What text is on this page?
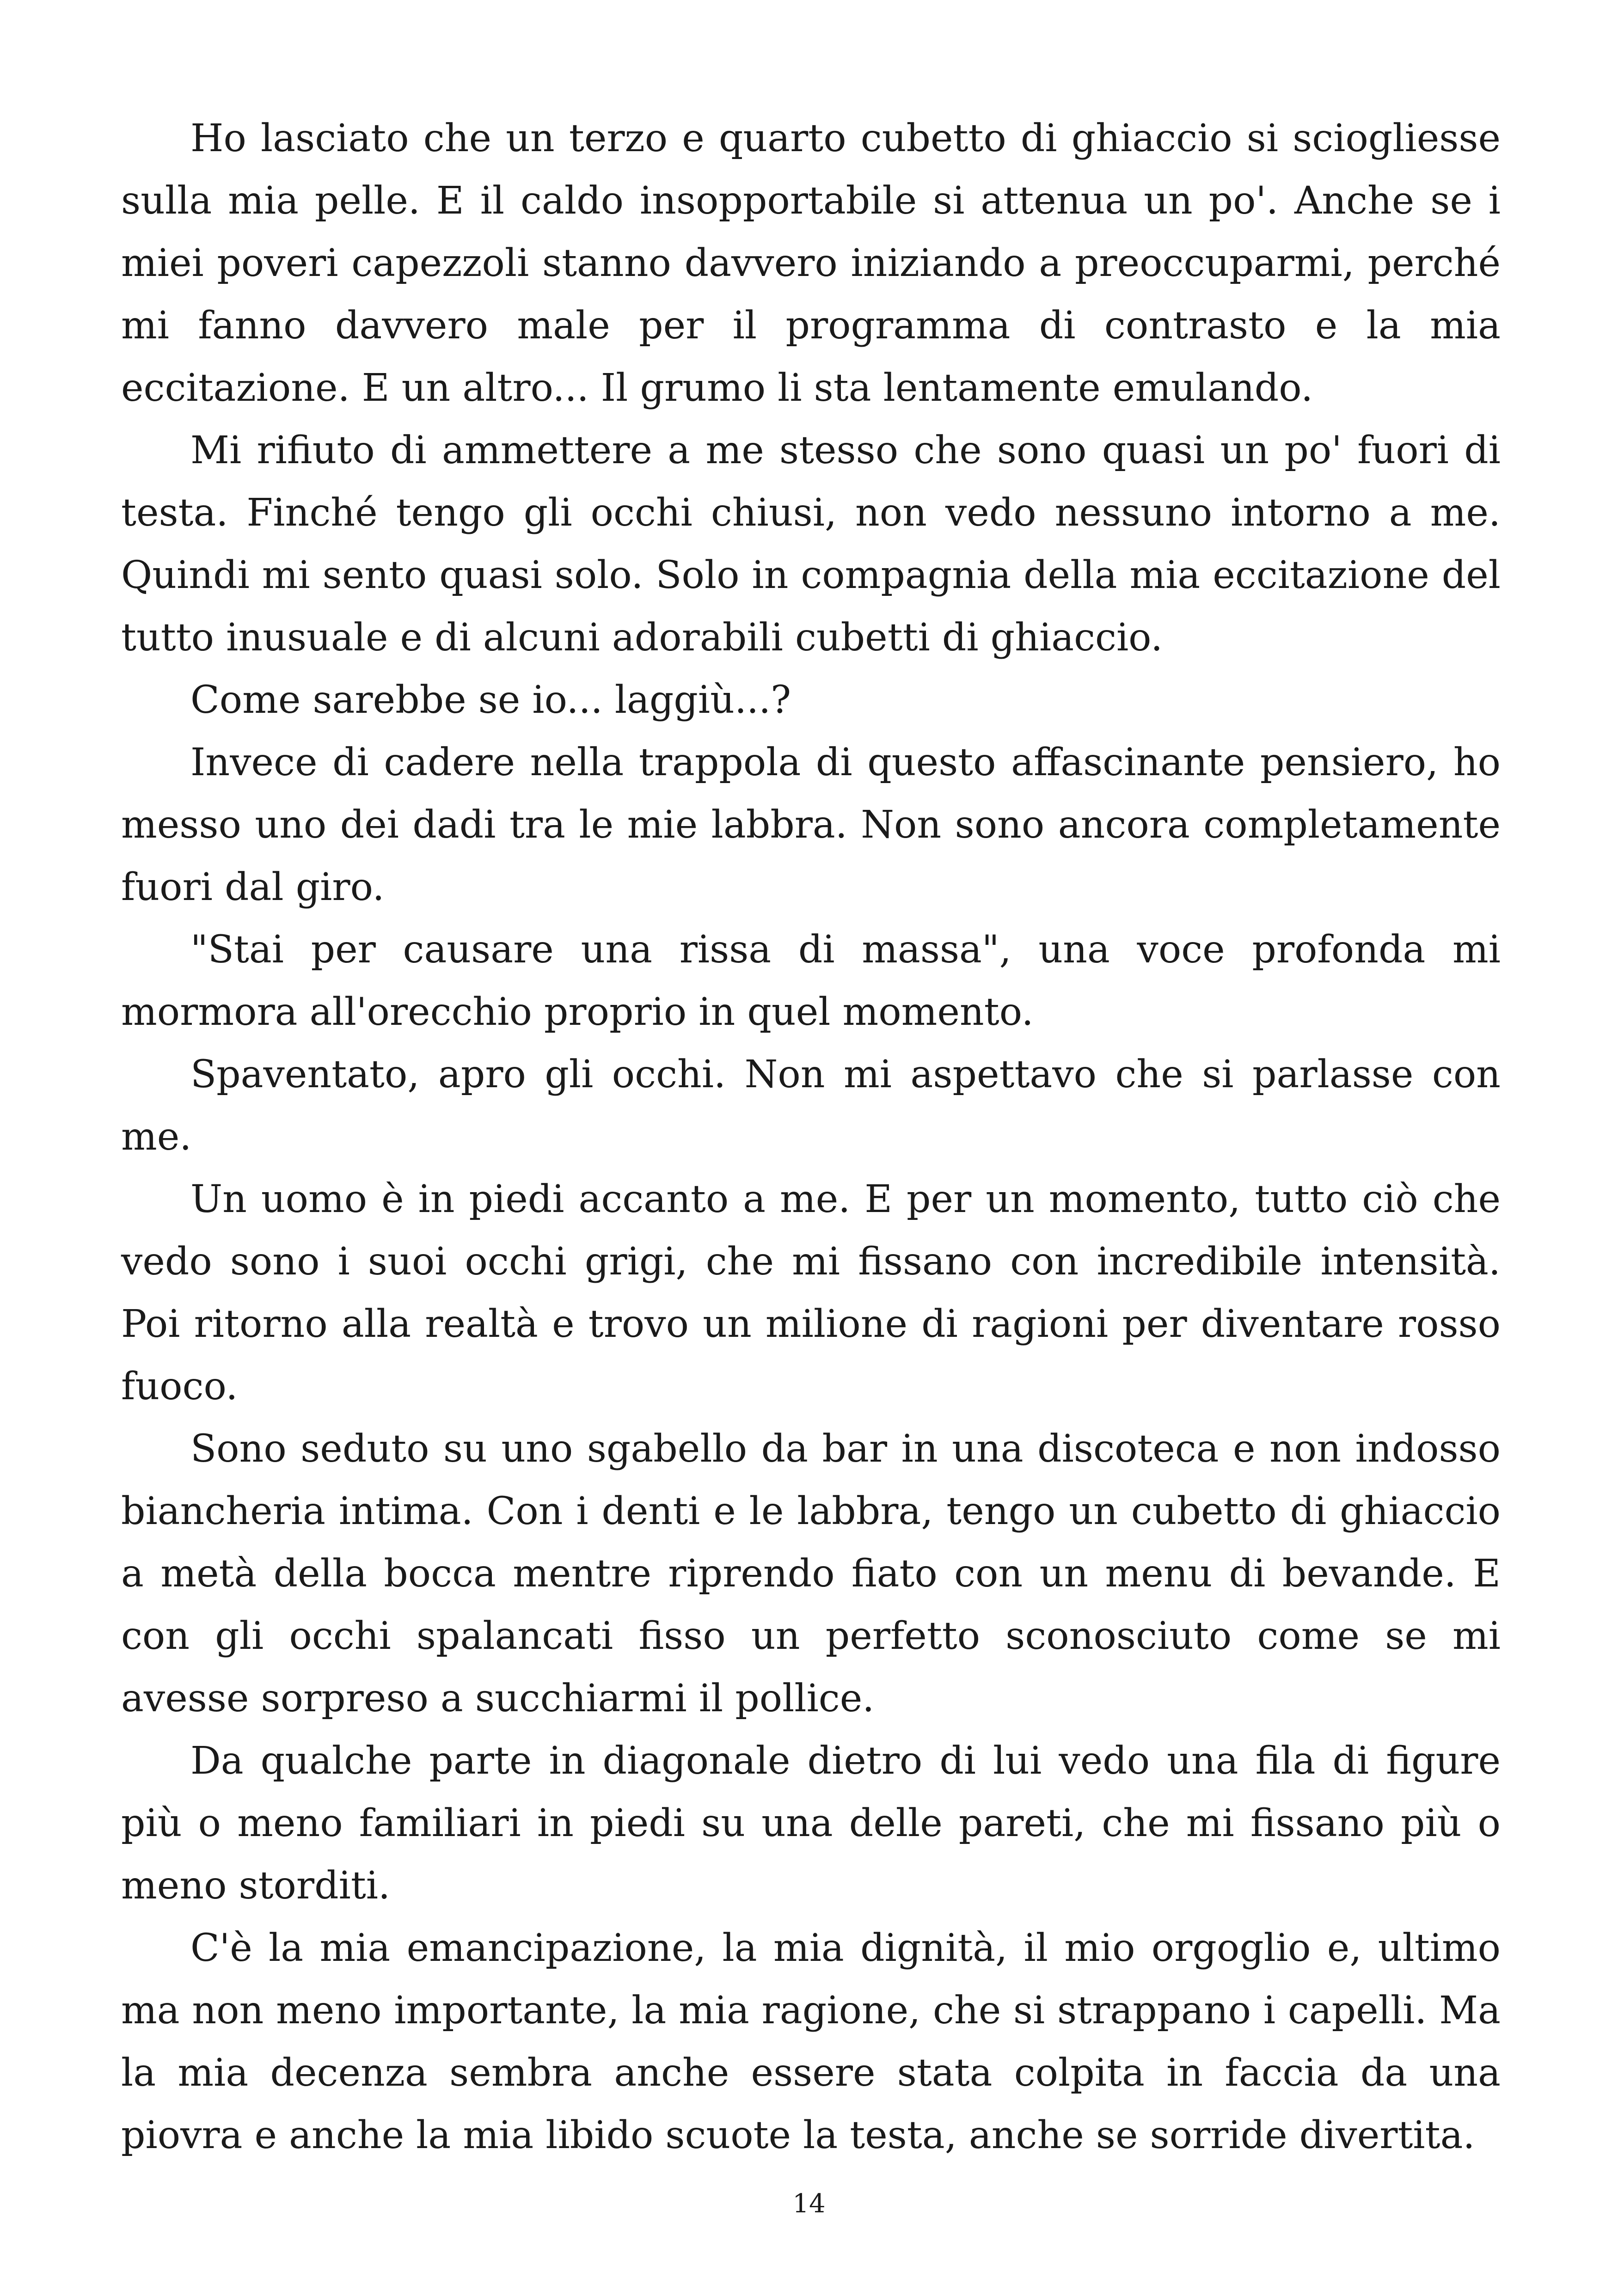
Ho lasciato che un terzo e quarto cubetto di ghiaccio si sciogliesse sulla mia pelle. E il caldo insopportabile si attenua un po'. Anche se i miei poveri capezzoli stanno davvero iniziando a preoccuparmi, perché mi fanno davvero male per il programma di contrasto e la mia eccitazione. E un altro... Il grumo li sta lentamente emulando.

Mi rifiuto di ammettere a me stesso che sono quasi un po' fuori di testa. Finché tengo gli occhi chiusi, non vedo nessuno intorno a me. Quindi mi sento quasi solo. Solo in compagnia della mia eccitazione del tutto inusuale e di alcuni adorabili cubetti di ghiaccio.

Come sarebbe se io... laggiù...?

Invece di cadere nella trappola di questo affascinante pensiero, ho messo uno dei dadi tra le mie labbra. Non sono ancora completamente fuori dal giro.

"Stai per causare una rissa di massa", una voce profonda mi mormora all'orecchio proprio in quel momento.

Spaventato, apro gli occhi. Non mi aspettavo che si parlasse con me.

Un uomo è in piedi accanto a me. E per un momento, tutto ciò che vedo sono i suoi occhi grigi, che mi fissano con incredibile intensità. Poi ritorno alla realtà e trovo un milione di ragioni per diventare rosso fuoco.

Sono seduto su uno sgabello da bar in una discoteca e non indosso biancheria intima. Con i denti e le labbra, tengo un cubetto di ghiaccio a metà della bocca mentre riprendo fiato con un menu di bevande. E con gli occhi spalancati fisso un perfetto sconosciuto come se mi avesse sorpreso a succhiarmi il pollice.

Da qualche parte in diagonale dietro di lui vedo una fila di figure più o meno familiari in piedi su una delle pareti, che mi fissano più o meno storditi.

C'è la mia emancipazione, la mia dignità, il mio orgoglio e, ultimo ma non meno importante, la mia ragione, che si strappano i capelli. Ma la mia decenza sembra anche essere stata colpita in faccia da una piovra e anche la mia libido scuote la testa, anche se sorride divertita.

14
